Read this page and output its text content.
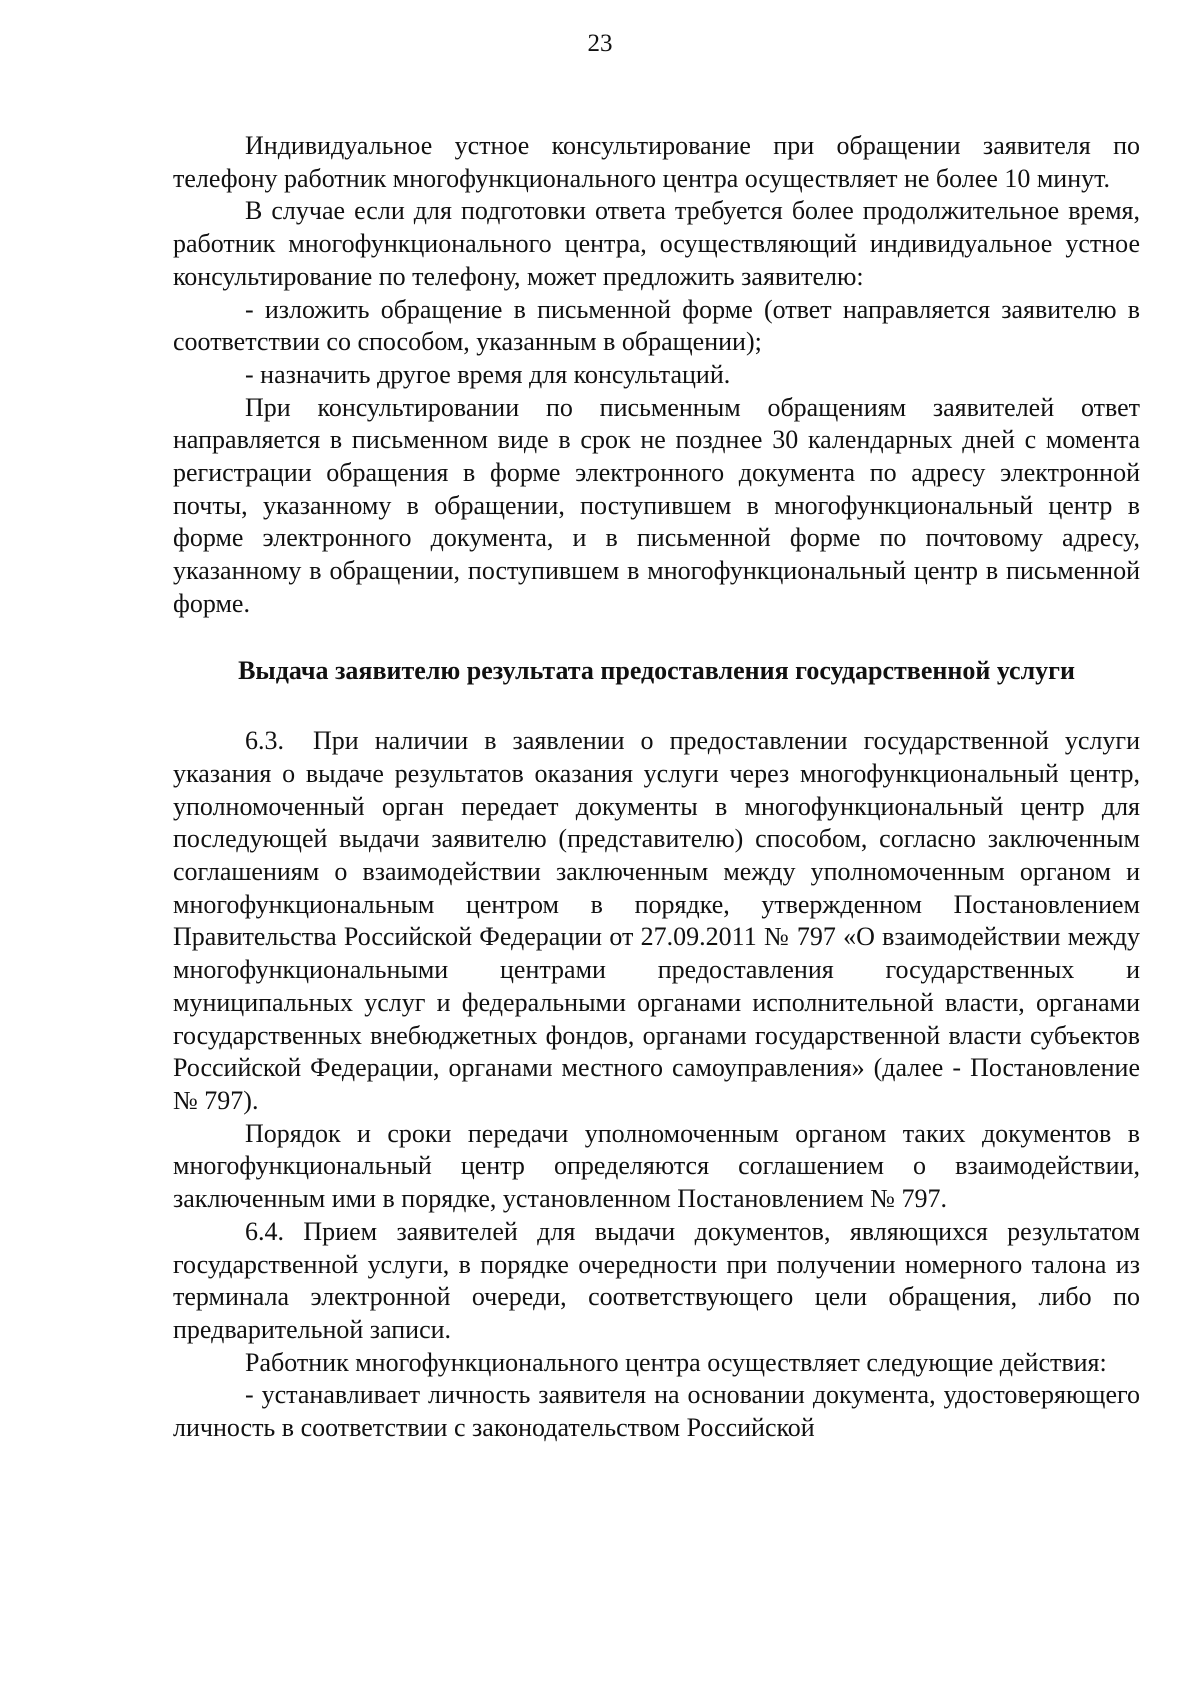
23

Индивидуальное устное консультирование при обращении заявителя по телефону работник многофункционального центра осуществляет не более 10 минут.

В случае если для подготовки ответа требуется более продолжительное время, работник многофункционального центра, осуществляющий индивидуальное устное консультирование по телефону, может предложить заявителю:

- изложить обращение в письменной форме (ответ направляется заявителю в соответствии со способом, указанным в обращении);

- назначить другое время для консультаций.

При консультировании по письменным обращениям заявителей ответ направляется в письменном виде в срок не позднее 30 календарных дней с момента регистрации обращения в форме электронного документа по адресу электронной почты, указанному в обращении, поступившем в многофункциональный центр в форме электронного документа, и в письменной форме по почтовому адресу, указанному в обращении, поступившем в многофункциональный центр в письменной форме.

Выдача заявителю результата предоставления государственной услуги

6.3. При наличии в заявлении о предоставлении государственной услуги указания о выдаче результатов оказания услуги через многофункциональный центр, уполномоченный орган передает документы в многофункциональный центр для последующей выдачи заявителю (представителю) способом, согласно заключенным соглашениям о взаимодействии заключенным между уполномоченным органом и многофункциональным центром в порядке, утвержденном Постановлением Правительства Российской Федерации от 27.09.2011 № 797 «О взаимодействии между многофункциональными центрами предоставления государственных и муниципальных услуг и федеральными органами исполнительной власти, органами государственных внебюджетных фондов, органами государственной власти субъектов Российской Федерации, органами местного самоуправления» (далее - Постановление № 797).

Порядок и сроки передачи уполномоченным органом таких документов в многофункциональный центр определяются соглашением о взаимодействии, заключенным ими в порядке, установленном Постановлением № 797.

6.4. Прием заявителей для выдачи документов, являющихся результатом государственной услуги, в порядке очередности при получении номерного талона из терминала электронной очереди, соответствующего цели обращения, либо по предварительной записи.

Работник многофункционального центра осуществляет следующие действия:

- устанавливает личность заявителя на основании документа, удостоверяющего личность в соответствии с законодательством Российской
